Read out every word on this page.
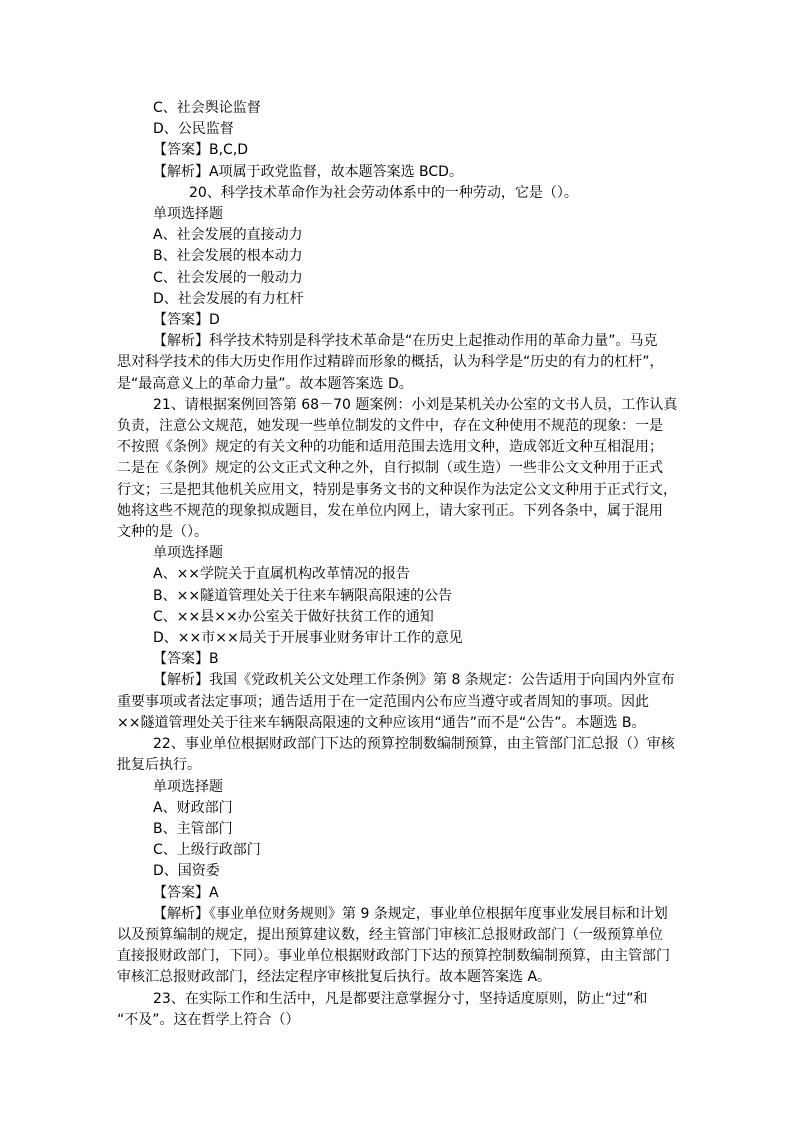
C、社会舆论监督
D、公民监督
【答案】B,C,D
【解析】A项属于政党监督，故本题答案选 BCD。
20、科学技术革命作为社会劳动体系中的一种劳动，它是（）。
单项选择题
A、社会发展的直接动力
B、社会发展的根本动力
C、社会发展的一般动力
D、社会发展的有力杠杆
【答案】D
【解析】科学技术特别是科学技术革命是“在历史上起推动作用的革命力量”。马克
思对科学技术的伟大历史作用作过精辟而形象的概括，认为科学是“历史的有力的杠杆”，
是“最高意义上的革命力量”。故本题答案选 D。
21、请根据案例回答第 68－70 题案例：小刘是某机关办公室的文书人员，工作认真
负责，注意公文规范，她发现一些单位制发的文件中，存在文种使用不规范的现象：一是
不按照《条例》规定的有关文种的功能和适用范围去选用文种，造成邻近文种互相混用；
二是在《条例》规定的公文正式文种之外，自行拟制（或生造）一些非公文文种用于正式
行文；三是把其他机关应用文，特别是事务文书的文种误作为法定公文文种用于正式行文，
她将这些不规范的现象拟成题目，发在单位内网上，请大家刊正。下列各条中，属于混用
文种的是（）。
单项选择题
A、××学院关于直属机构改革情况的报告
B、××隧道管理处关于往来车辆限高限速的公告
C、××县××办公室关于做好扶贫工作的通知
D、××市××局关于开展事业财务审计工作的意见
【答案】B
【解析】我国《党政机关公文处理工作条例》第 8 条规定：公告适用于向国内外宣布
重要事项或者法定事项；通告适用于在一定范围内公布应当遵守或者周知的事项。因此
××隧道管理处关于往来车辆限高限速的文种应该用“通告”而不是“公告”。本题选 B。
22、事业单位根据财政部门下达的预算控制数编制预算，由主管部门汇总报（）审核
批复后执行。
单项选择题
A、财政部门
B、主管部门
C、上级行政部门
D、国资委
【答案】A
【解析】《事业单位财务规则》第 9 条规定，事业单位根据年度事业发展目标和计划
以及预算编制的规定，提出预算建议数，经主管部门审核汇总报财政部门（一级预算单位
直接报财政部门，下同）。事业单位根据财政部门下达的预算控制数编制预算，由主管部门
审核汇总报财政部门，经法定程序审核批复后执行。故本题答案选 A。
23、在实际工作和生活中，凡是都要注意掌握分寸，坚持适度原则，防止“过”和
“不及”。这在哲学上符合（）
